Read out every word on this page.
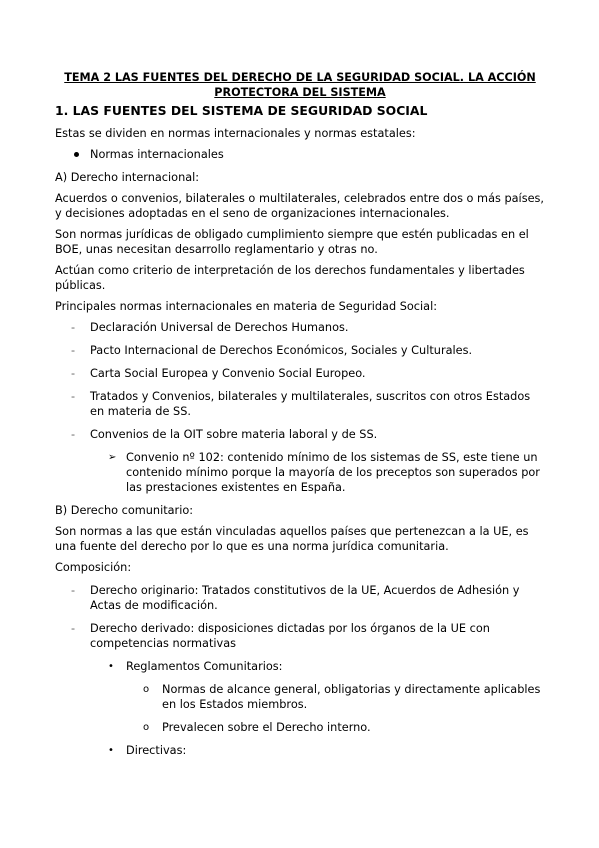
TEMA 2 LAS FUENTES DEL DERECHO DE LA SEGURIDAD SOCIAL. LA ACCIÓN PROTECTORA DEL SISTEMA
1. LAS FUENTES DEL SISTEMA DE SEGURIDAD SOCIAL

Estas se dividen en normas internacionales y normas estatales:

Normas internacionales

A) Derecho internacional:

Acuerdos o convenios, bilaterales o multilaterales, celebrados entre dos o más países, y decisiones adoptadas en el seno de organizaciones internacionales.

Son normas jurídicas de obligado cumplimiento siempre que estén publicadas en el BOE, unas necesitan desarrollo reglamentario y otras no.

Actúan como criterio de interpretación de los derechos fundamentales y libertades públicas.

Principales normas internacionales en materia de Seguridad Social:

- Declaración Universal de Derechos Humanos.
- Pacto Internacional de Derechos Económicos, Sociales y Culturales.
- Carta Social Europea y Convenio Social Europeo.
- Tratados y Convenios, bilaterales y multilaterales, suscritos con otros Estados en materia de SS.
- Convenios de la OIT sobre materia laboral y de SS.
➢ Convenio nº 102: contenido mínimo de los sistemas de SS, este tiene un contenido mínimo porque la mayoría de los preceptos son superados por las prestaciones existentes en España.

B) Derecho comunitario:

Son normas a las que están vinculadas aquellos países que pertenezcan a la UE, es una fuente del derecho por lo que es una norma jurídica comunitaria.

Composición:

- Derecho originario: Tratados constitutivos de la UE, Acuerdos de Adhesión y Actas de modificación.
- Derecho derivado: disposiciones dictadas por los órganos de la UE con competencias normativas
• Reglamentos Comunitarios:
o Normas de alcance general, obligatorias y directamente aplicables en los Estados miembros.
o Prevalecen sobre el Derecho interno.
• Directivas:
